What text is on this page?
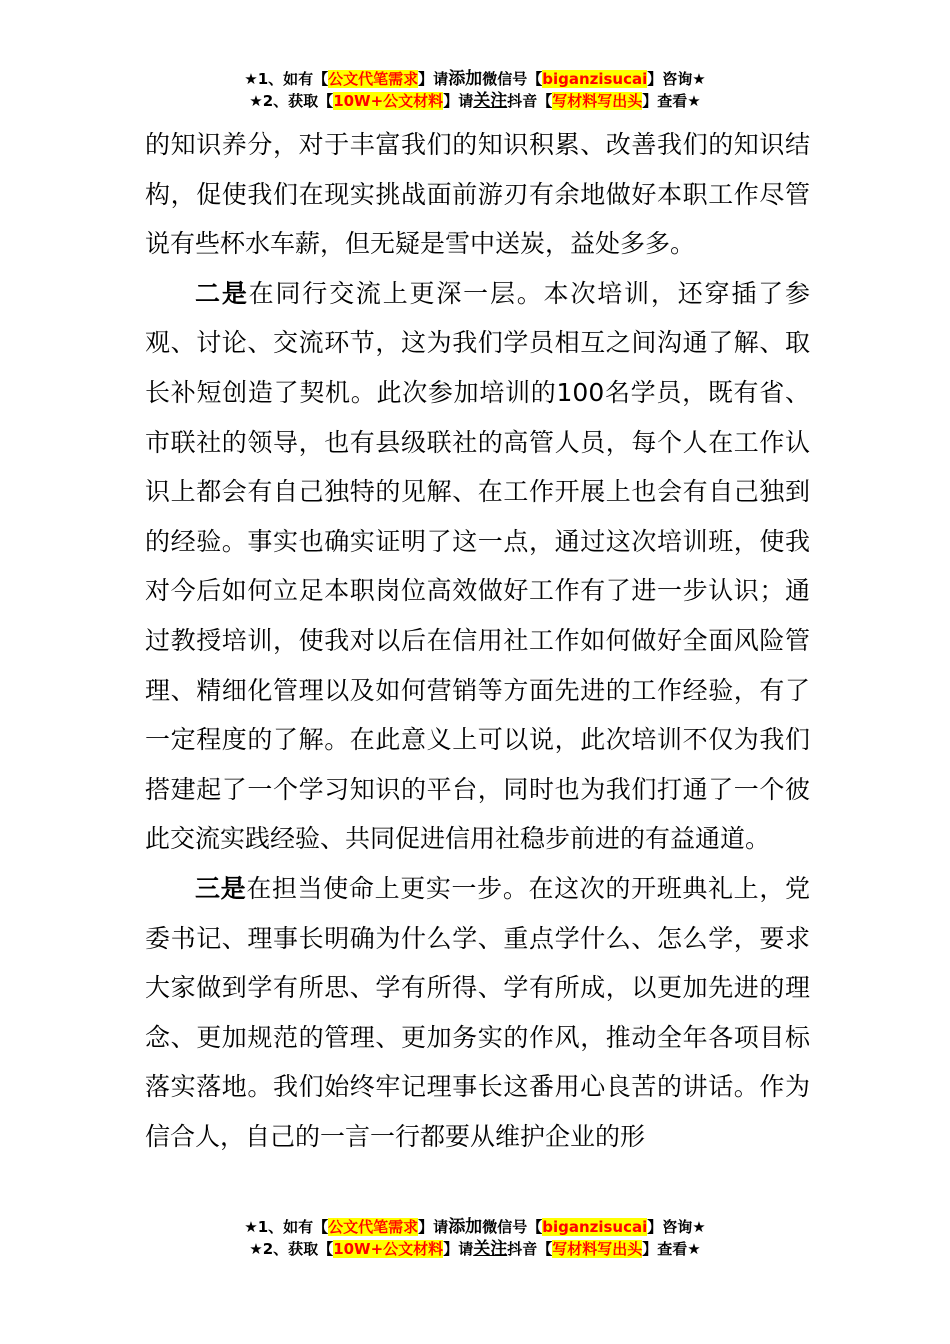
★1、如有【公文代笔需求】请添加微信号【biganzisucai】咨询★
★2、获取【10W+公文材料】请关注抖音【写材料写出头】查看★

的知识养分，对于丰富我们的知识积累、改善我们的知识结构，促使我们在现实挑战面前游刃有余地做好本职工作尽管说有些杯水车薪，但无疑是雪中送炭，益处多多。

二是在同行交流上更深一层。本次培训，还穿插了参观、讨论、交流环节，这为我们学员相互之间沟通了解、取长补短创造了契机。此次参加培训的100名学员，既有省、市联社的领导，也有县级联社的高管人员，每个人在工作认识上都会有自己独特的见解、在工作开展上也会有自己独到的经验。事实也确实证明了这一点，通过这次培训班，使我对今后如何立足本职岗位高效做好工作有了进一步认识；通过教授培训，使我对以后在信用社工作如何做好全面风险管理、精细化管理以及如何营销等方面先进的工作经验，有了一定程度的了解。在此意义上可以说，此次培训不仅为我们搭建起了一个学习知识的平台，同时也为我们打通了一个彼此交流实践经验、共同促进信用社稳步前进的有益通道。

三是在担当使命上更实一步。在这次的开班典礼上，党委书记、理事长明确为什么学、重点学什么、怎么学，要求大家做到学有所思、学有所得、学有所成，以更加先进的理念、更加规范的管理、更加务实的作风，推动全年各项目标落实落地。我们始终牢记理事长这番用心良苦的讲话。作为信合人，自己的一言一行都要从维护企业的形

★1、如有【公文代笔需求】请添加微信号【biganzisucai】咨询★
★2、获取【10W+公文材料】请关注抖音【写材料写出头】查看★
